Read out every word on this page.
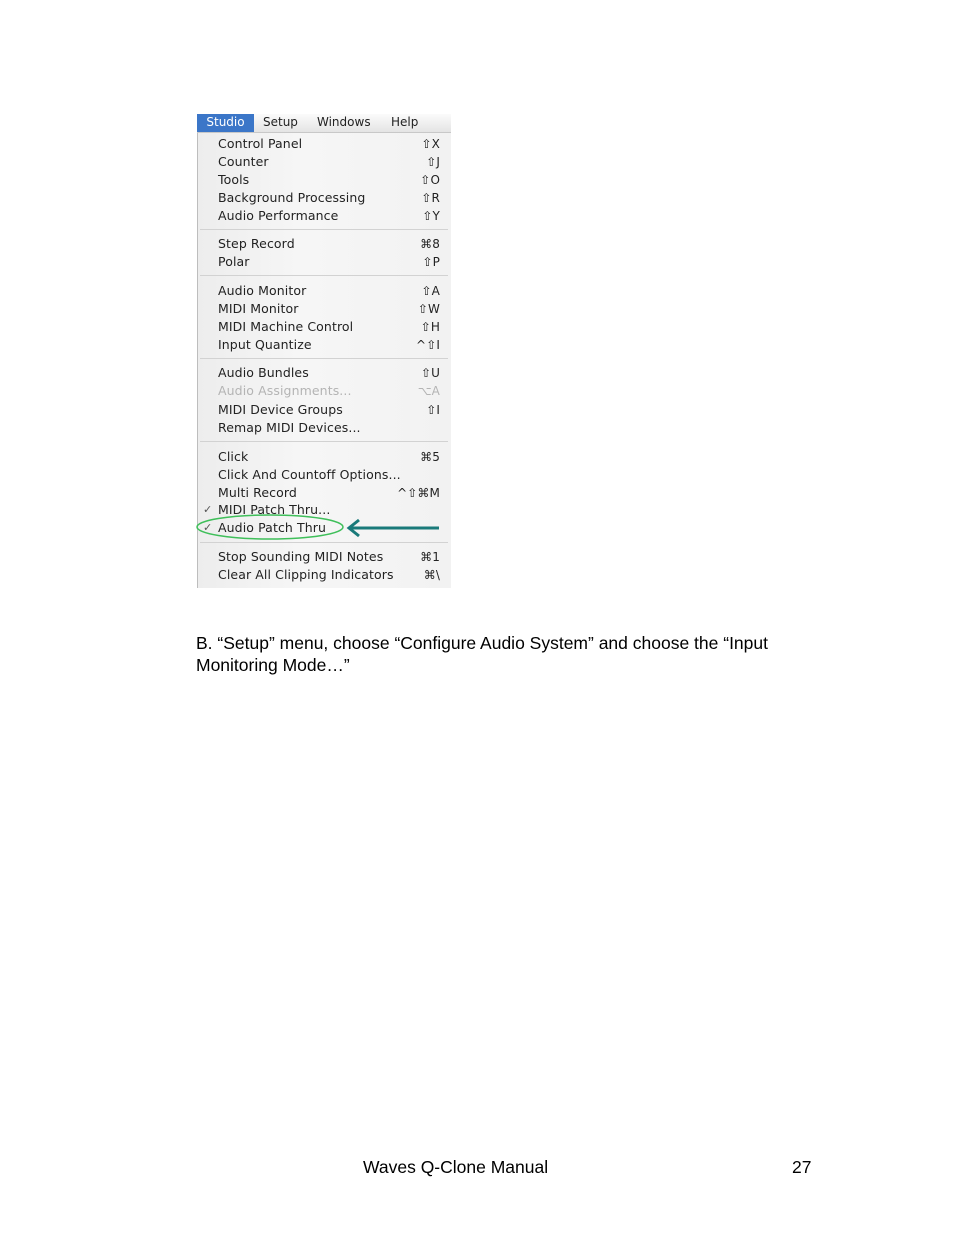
Studio	Setup Windows Help
Control Panel	⇧X
Counter	⇧J
Tools	⇧O
Background Processing	⇧R
Audio Performance	⇧Y
Step Record	⌘8
Polar	⇧P
Audio Monitor	⇧A
MIDI Monitor	⇧W
MIDI Machine Control	⇧H
Input Quantize	^⇧I
Audio Bundles	⇧U
Audio Assignments...	⌥A
MIDI Device Groups	⇧I
Remap MIDI Devices...
Click	⌘5
Click And Countoff Options...
Multi Record	^⇧⌘M
✓ MIDI Patch Thru...
✓ Audio Patch Thru
Stop Sounding MIDI Notes	⌘1
Clear All Clipping Indicators	⌘\

B. “Setup” menu, choose “Configure Audio System” and choose the “Input Monitoring Mode…”

Waves Q-Clone Manual	27
